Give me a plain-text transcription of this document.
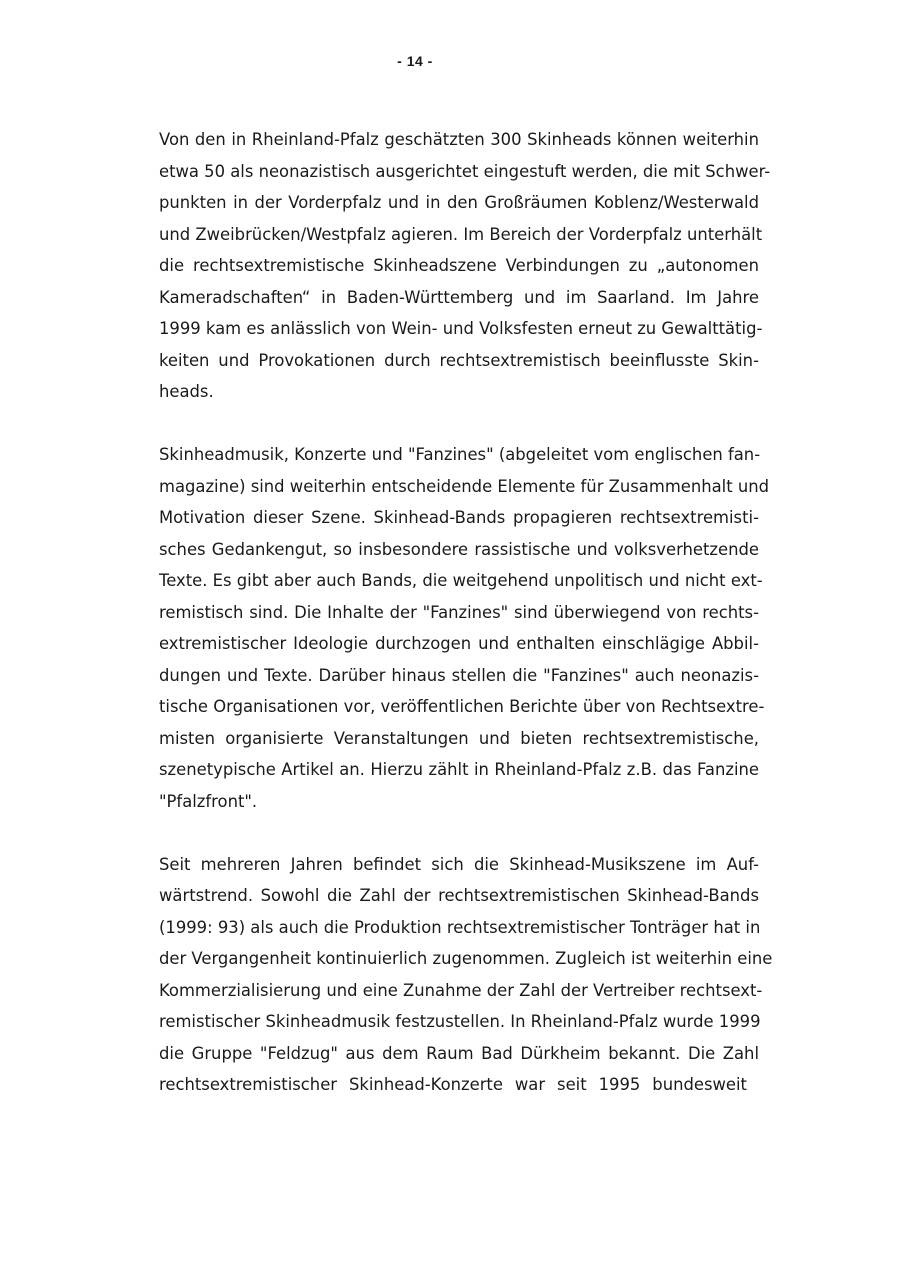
- 14 -
Von den in Rheinland-Pfalz geschätzten 300 Skinheads können weiterhin
etwa 50 als neonazistisch ausgerichtet eingestuft werden, die mit Schwer-
punkten in der Vorderpfalz und in den Großräumen Koblenz/Westerwald
und Zweibrücken/Westpfalz agieren. Im Bereich der Vorderpfalz unterhält
die rechtsextremistische Skinheadszene Verbindungen zu „autonomen
Kameradschaften“ in Baden-Württemberg und im Saarland. Im Jahre
1999 kam es anlässlich von Wein- und Volksfesten erneut zu Gewalttätig-
keiten und Provokationen durch rechtsextremistisch beeinflusste Skin-
heads.
Skinheadmusik, Konzerte und "Fanzines" (abgeleitet vom englischen fan-
magazine) sind weiterhin entscheidende Elemente für Zusammenhalt und
Motivation dieser Szene. Skinhead-Bands propagieren rechtsextremisti-
sches Gedankengut, so insbesondere rassistische und volksverhetzende
Texte. Es gibt aber auch Bands, die weitgehend unpolitisch und nicht ext-
remistisch sind. Die Inhalte der "Fanzines" sind überwiegend von rechts-
extremistischer Ideologie durchzogen und enthalten einschlägige Abbil-
dungen und Texte. Darüber hinaus stellen die "Fanzines" auch neonazis-
tische Organisationen vor, veröffentlichen Berichte über von Rechtsextre-
misten organisierte Veranstaltungen und bieten rechtsextremistische,
szenetypische Artikel an. Hierzu zählt in Rheinland-Pfalz z.B. das Fanzine
"Pfalzfront".
Seit mehreren Jahren befindet sich die Skinhead-Musikszene im Auf-
wärtstrend. Sowohl die Zahl der rechtsextremistischen Skinhead-Bands
(1999: 93) als auch die Produktion rechtsextremistischer Tonträger hat in
der Vergangenheit kontinuierlich zugenommen. Zugleich ist weiterhin eine
Kommerzialisierung und eine Zunahme der Zahl der Vertreiber rechtsext-
remistischer Skinheadmusik festzustellen. In Rheinland-Pfalz wurde 1999
die Gruppe "Feldzug" aus dem Raum Bad Dürkheim bekannt. Die Zahl
rechtsextremistischer Skinhead-Konzerte war seit 1995 bundesweit
